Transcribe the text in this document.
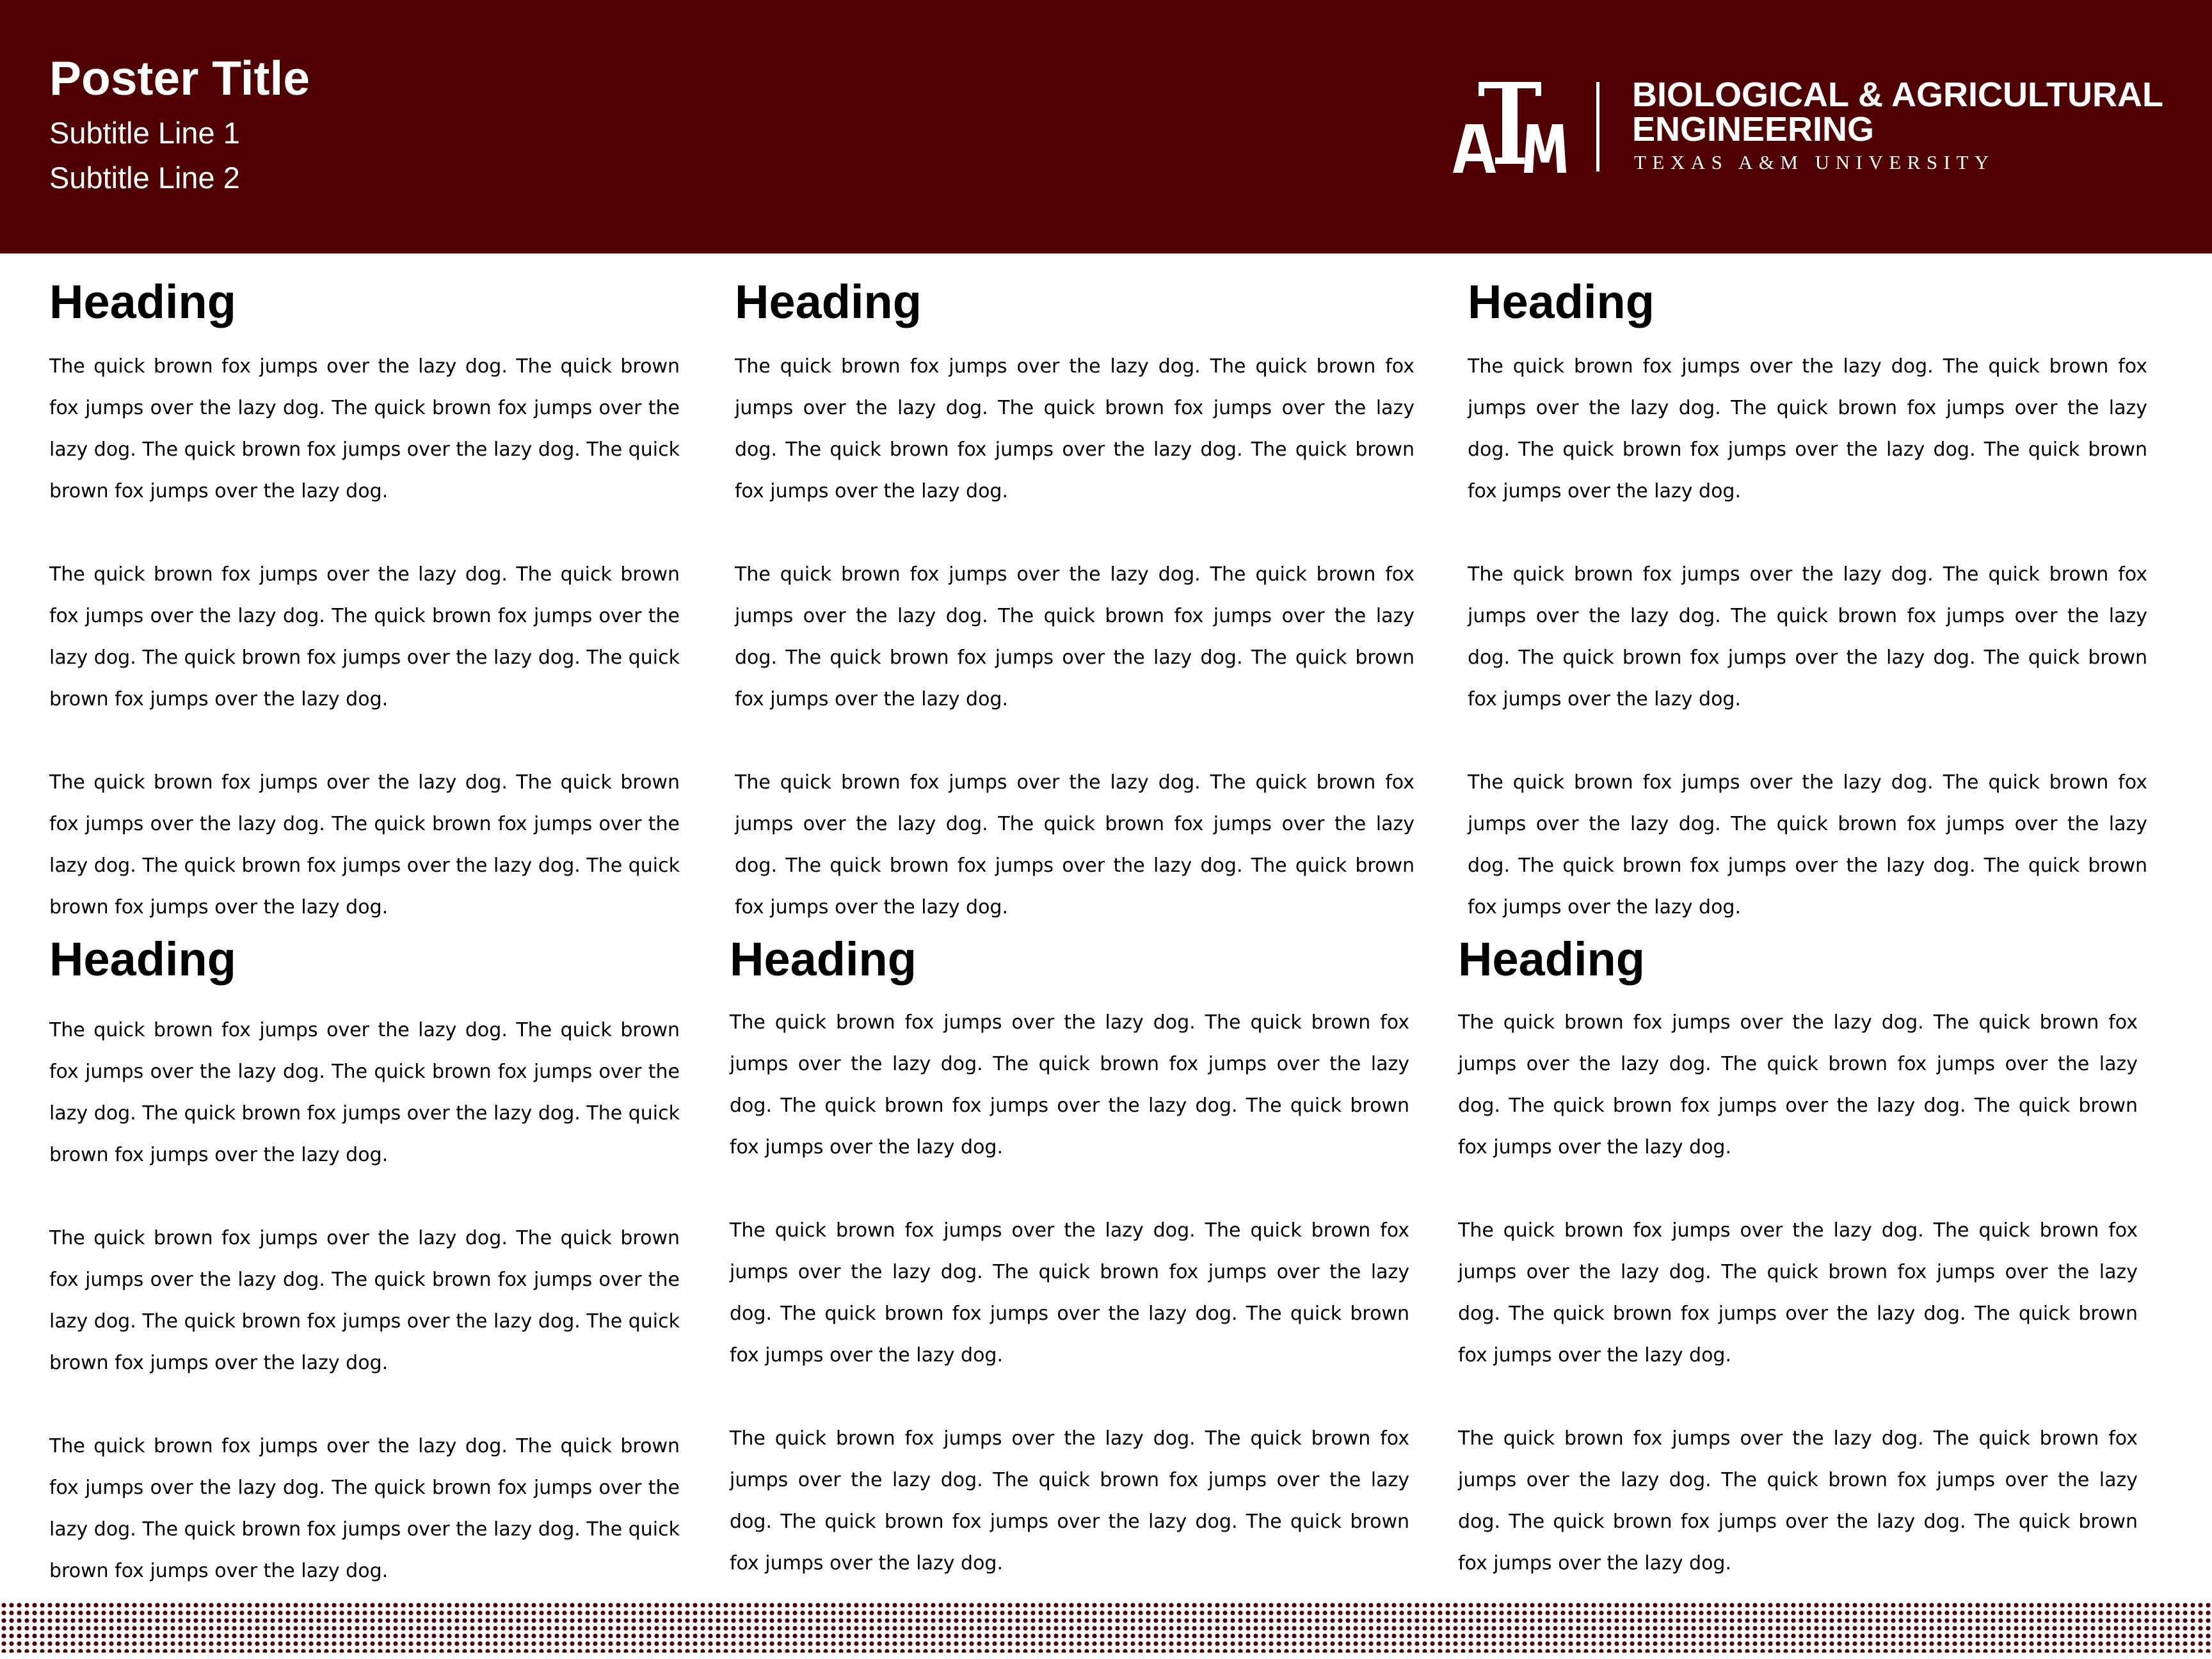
Poster Title

Subtitle Line 1

Subtitle Line 2

BIOLOGICAL & AGRICULTURAL

ENGINEERING

TEXAS A&M UNIVERSITY

Heading

The quick brown fox jumps over the lazy dog. The quick brown fox jumps over the lazy dog. The quick brown fox jumps over the lazy dog. The quick brown fox jumps over the lazy dog. The quick brown fox jumps over the lazy dog.

The quick brown fox jumps over the lazy dog. The quick brown fox jumps over the lazy dog. The quick brown fox jumps over the lazy dog. The quick brown fox jumps over the lazy dog. The quick brown fox jumps over the lazy dog.

The quick brown fox jumps over the lazy dog. The quick brown fox jumps over the lazy dog. The quick brown fox jumps over the lazy dog. The quick brown fox jumps over the lazy dog. The quick brown fox jumps over the lazy dog.

Heading

The quick brown fox jumps over the lazy dog. The quick brown fox jumps over the lazy dog. The quick brown fox jumps over the lazy dog. The quick brown fox jumps over the lazy dog. The quick brown fox jumps over the lazy dog.

The quick brown fox jumps over the lazy dog. The quick brown fox jumps over the lazy dog. The quick brown fox jumps over the lazy dog. The quick brown fox jumps over the lazy dog. The quick brown fox jumps over the lazy dog.

The quick brown fox jumps over the lazy dog. The quick brown fox jumps over the lazy dog. The quick brown fox jumps over the lazy dog. The quick brown fox jumps over the lazy dog. The quick brown fox jumps over the lazy dog.

Heading

The quick brown fox jumps over the lazy dog. The quick brown fox jumps over the lazy dog. The quick brown fox jumps over the lazy dog. The quick brown fox jumps over the lazy dog. The quick brown fox jumps over the lazy dog.

The quick brown fox jumps over the lazy dog. The quick brown fox jumps over the lazy dog. The quick brown fox jumps over the lazy dog. The quick brown fox jumps over the lazy dog. The quick brown fox jumps over the lazy dog.

The quick brown fox jumps over the lazy dog. The quick brown fox jumps over the lazy dog. The quick brown fox jumps over the lazy dog. The quick brown fox jumps over the lazy dog. The quick brown fox jumps over the lazy dog.

Heading

The quick brown fox jumps over the lazy dog. The quick brown fox jumps over the lazy dog. The quick brown fox jumps over the lazy dog. The quick brown fox jumps over the lazy dog. The quick brown fox jumps over the lazy dog.

The quick brown fox jumps over the lazy dog. The quick brown fox jumps over the lazy dog. The quick brown fox jumps over the lazy dog. The quick brown fox jumps over the lazy dog. The quick brown fox jumps over the lazy dog.

The quick brown fox jumps over the lazy dog. The quick brown fox jumps over the lazy dog. The quick brown fox jumps over the lazy dog. The quick brown fox jumps over the lazy dog. The quick brown fox jumps over the lazy dog.

Heading

The quick brown fox jumps over the lazy dog. The quick brown fox jumps over the lazy dog. The quick brown fox jumps over the lazy dog. The quick brown fox jumps over the lazy dog. The quick brown fox jumps over the lazy dog.

The quick brown fox jumps over the lazy dog. The quick brown fox jumps over the lazy dog. The quick brown fox jumps over the lazy dog. The quick brown fox jumps over the lazy dog. The quick brown fox jumps over the lazy dog.

The quick brown fox jumps over the lazy dog. The quick brown fox jumps over the lazy dog. The quick brown fox jumps over the lazy dog. The quick brown fox jumps over the lazy dog. The quick brown fox jumps over the lazy dog.

Heading

The quick brown fox jumps over the lazy dog. The quick brown fox jumps over the lazy dog. The quick brown fox jumps over the lazy dog. The quick brown fox jumps over the lazy dog. The quick brown fox jumps over the lazy dog.

The quick brown fox jumps over the lazy dog. The quick brown fox jumps over the lazy dog. The quick brown fox jumps over the lazy dog. The quick brown fox jumps over the lazy dog. The quick brown fox jumps over the lazy dog.

The quick brown fox jumps over the lazy dog. The quick brown fox jumps over the lazy dog. The quick brown fox jumps over the lazy dog. The quick brown fox jumps over the lazy dog. The quick brown fox jumps over the lazy dog.
